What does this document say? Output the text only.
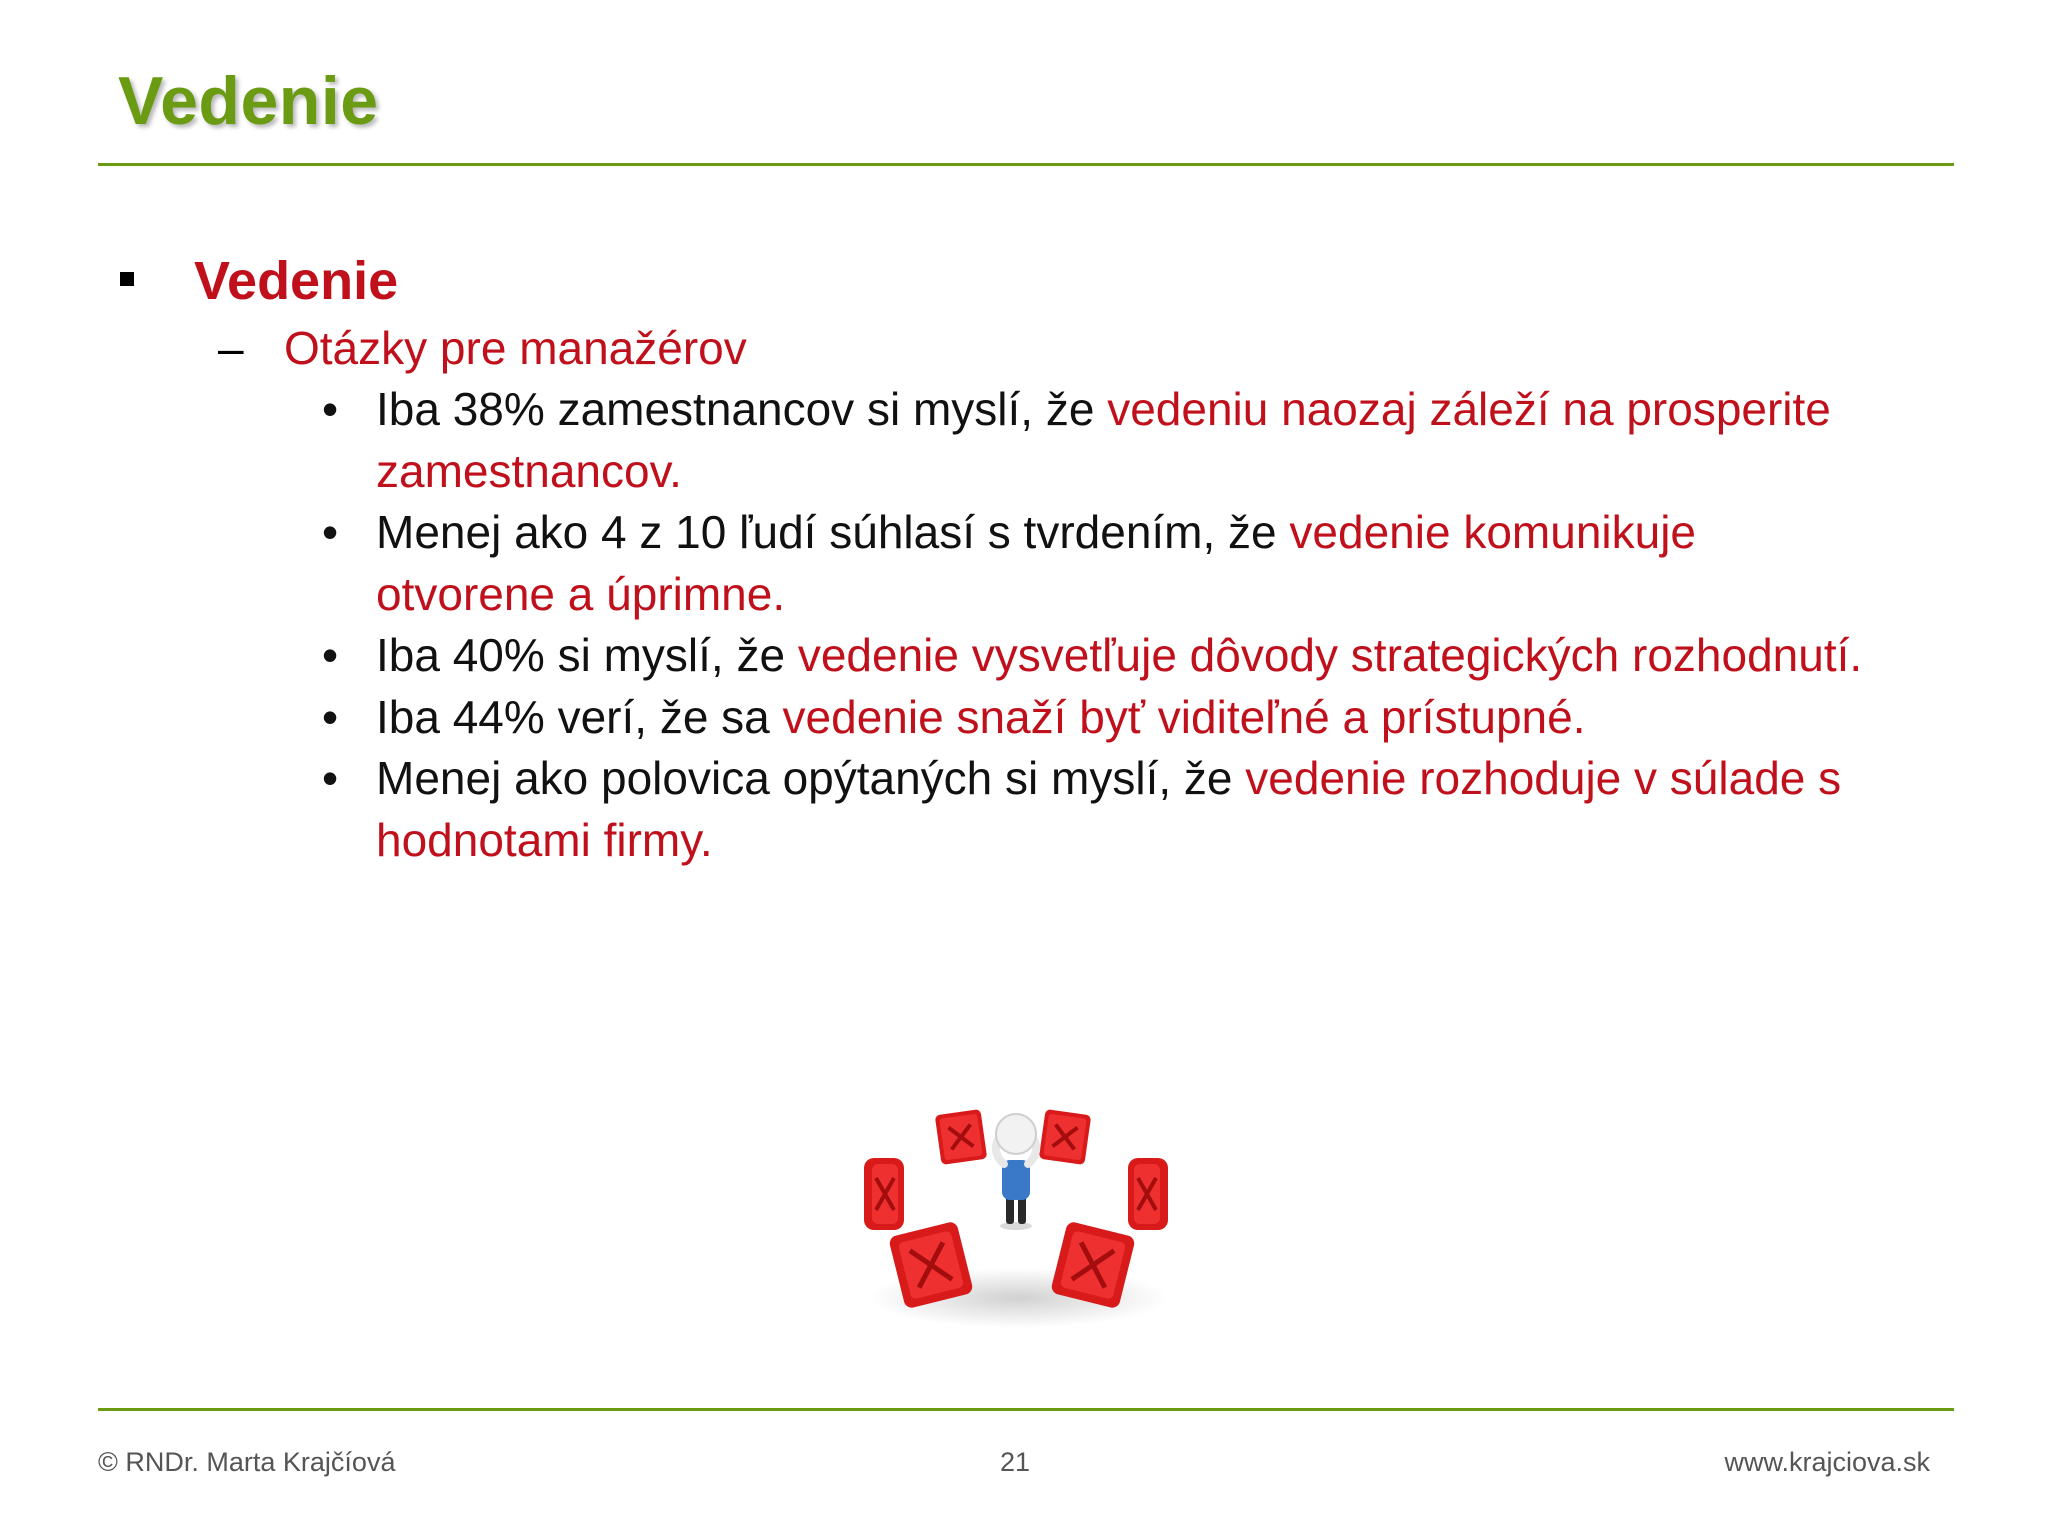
Vedenie
Vedenie
– Otázky pre manažérov
• Iba 38% zamestnancov si myslí, že vedeniu naozaj záleží na prosperite zamestnancov.
• Menej ako 4 z 10 ľudí súhlasí s tvrdením, že vedenie komunikuje otvorene a úprimne.
• Iba 40% si myslí, že vedenie vysvetľuje dôvody strategických rozhodnutí.
• Iba 44% verí, že sa vedenie snaží byť viditeľné a prístupné.
• Menej ako polovica opýtaných si myslí, že vedenie rozhoduje v súlade s hodnotami firmy.
© RNDr. Marta Krajčíová	21	www.krajciova.sk
